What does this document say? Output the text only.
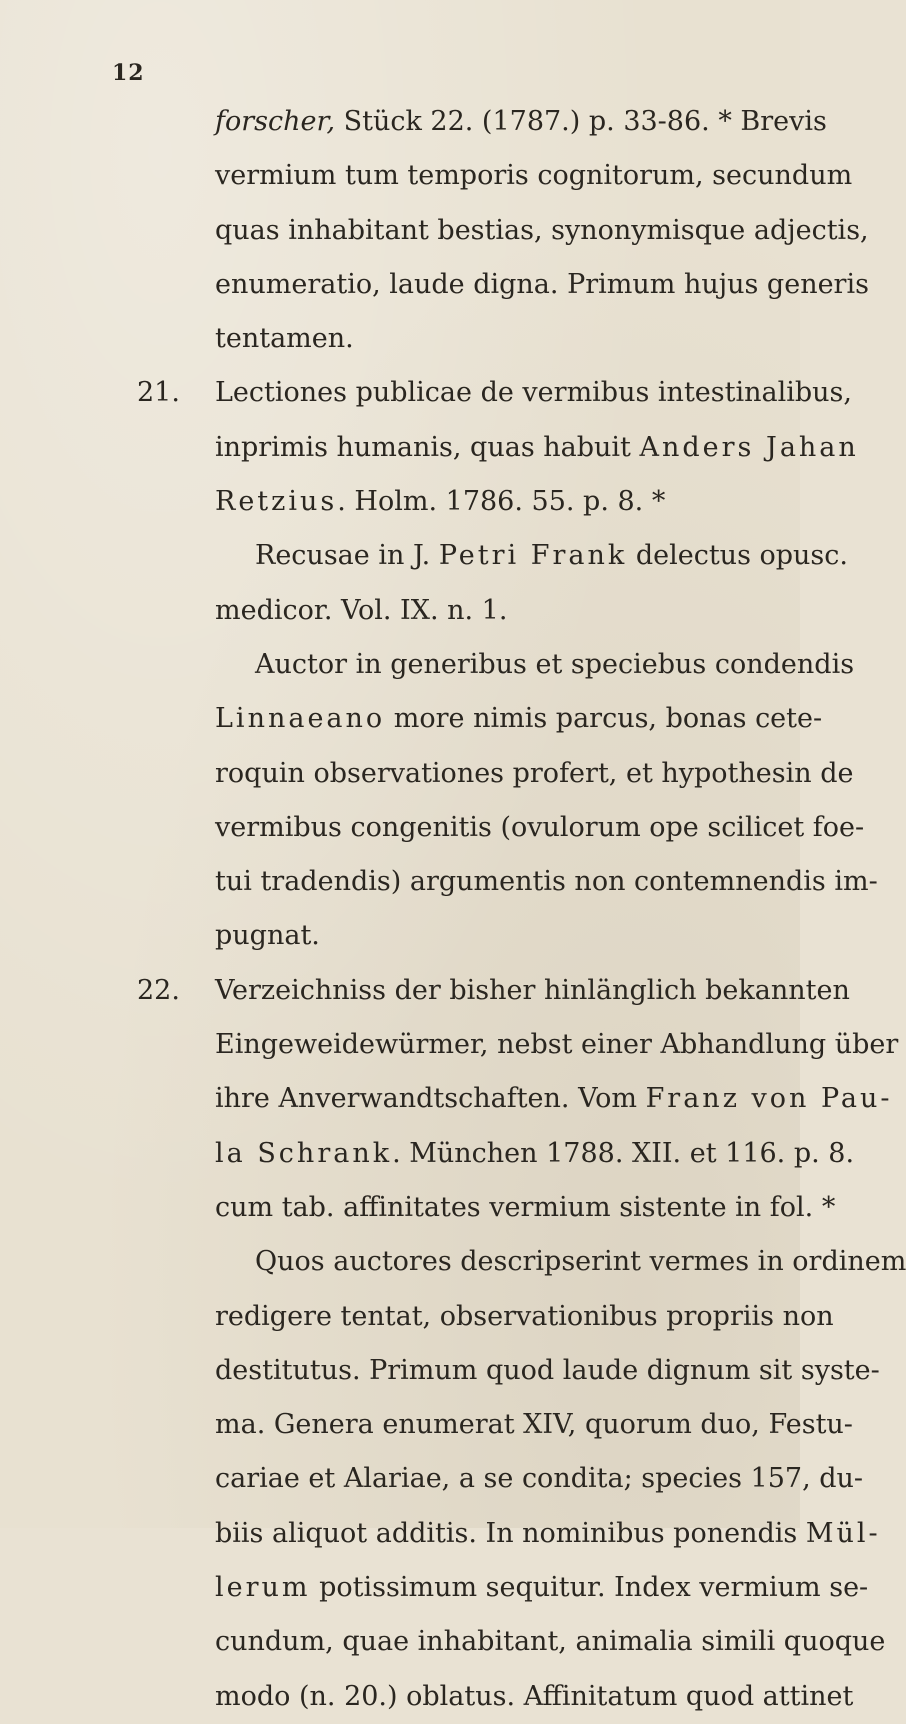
12
forscher, Stück 22. (1787.) p. 33-86. * Brevis
vermium tum temporis cognitorum, secundum
quas inhabitant bestias, synonymisque adjectis,
enumeratio, laude digna. Primum hujus generis
tentamen.
21. Lectiones publicae de vermibus intestinalibus,
inprimis humanis, quas habuit Anders Jahan
Retzius. Holm. 1786. 55. p. 8. *
Recusae in J. Petri Frank delectus opusc.
medicor. Vol. IX. n. 1.
Auctor in generibus et speciebus condendis
Linnaeano more nimis parcus, bonas cete-
roquin observationes profert, et hypothesin de
vermibus congenitis (ovulorum ope scilicet foe-
tui tradendis) argumentis non contemnendis im-
pugnat.
22. Verzeichniss der bisher hinlänglich bekannten
Eingeweidewürmer, nebst einer Abhandlung über
ihre Anverwandtschaften. Vom Franz von Pau-
la Schrank. München 1788. XII. et 116. p. 8.
cum tab. affinitates vermium sistente in fol. *
Quos auctores descripserint vermes in ordinem
redigere tentat, observationibus propriis non
destitutus. Primum quod laude dignum sit syste-
ma. Genera enumerat XIV, quorum duo, Festu-
cariae et Alariae, a se condita; species 157, du-
biis aliquot additis. In nominibus ponendis Mül-
lerum potissimum sequitur. Index vermium se-
cundum, quae inhabitant, animalia simili quoque
modo (n. 20.) oblatus. Affinitatum quod attinet
